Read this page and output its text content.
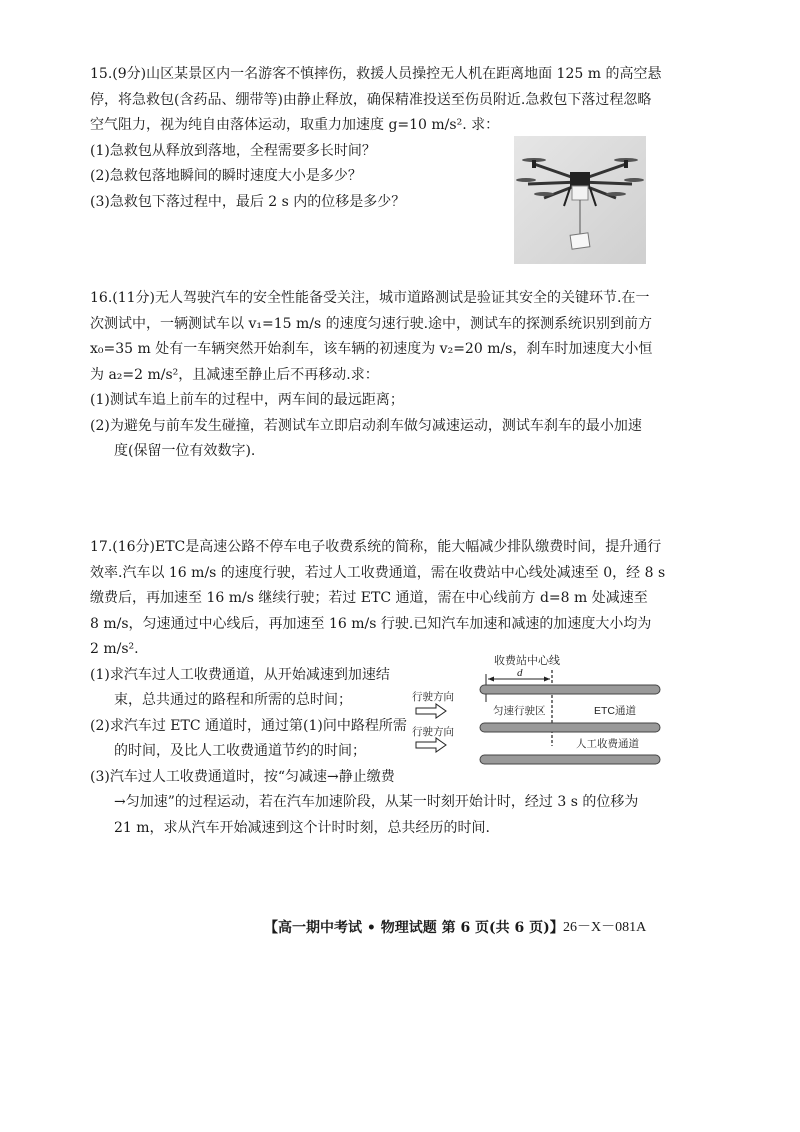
15.(9分)山区某景区内一名游客不慎摔伤，救援人员操控无人机在距离地面 125 m 的高空悬
停，将急救包(含药品、绷带等)由静止释放，确保精准投送至伤员附近.急救包下落过程忽略
空气阻力，视为纯自由落体运动，取重力加速度 g=10 m/s². 求：
(1)急救包从释放到落地，全程需要多长时间？
(2)急救包落地瞬间的瞬时速度大小是多少？
(3)急救包下落过程中，最后 2 s 内的位移是多少？
16.(11分)无人驾驶汽车的安全性能备受关注，城市道路测试是验证其安全的关键环节.在一
次测试中，一辆测试车以 v₁=15 m/s 的速度匀速行驶.途中，测试车的探测系统识别到前方
x₀=35 m 处有一车辆突然开始刹车，该车辆的初速度为 v₂=20 m/s，刹车时加速度大小恒
为 a₂=2 m/s²，且减速至静止后不再移动.求：
(1)测试车追上前车的过程中，两车间的最远距离；
(2)为避免与前车发生碰撞，若测试车立即启动刹车做匀减速运动，测试车刹车的最小加速
度(保留一位有效数字).
17.(16分)ETC是高速公路不停车电子收费系统的简称，能大幅减少排队缴费时间，提升通行
效率.汽车以 16 m/s 的速度行驶，若过人工收费通道，需在收费站中心线处减速至 0，经 8 s
缴费后，再加速至 16 m/s 继续行驶；若过 ETC 通道，需在中心线前方 d=8 m 处减速至
8 m/s，匀速通过中心线后，再加速至 16 m/s 行驶.已知汽车加速和减速的加速度大小均为
2 m/s².
(1)求汽车过人工收费通道，从开始减速到加速结
束，总共通过的路程和所需的总时间；
(2)求汽车过 ETC 通道时，通过第(1)问中路程所需
的时间，及比人工收费通道节约的时间；
(3)汽车过人工收费通道时，按“匀减速→静止缴费
→匀加速”的过程运动，若在汽车加速阶段，从某一时刻开始计时，经过 3 s 的位移为
21 m，求从汽车开始减速到这个计时时刻，总共经历的时间.
收费站中心线
d
行驶方向
匀速行驶区	ETC通道
行驶方向
人工收费通道
【高一期中考试 • 物理试题 第 6 页(共 6 页)】 26－X－081A
